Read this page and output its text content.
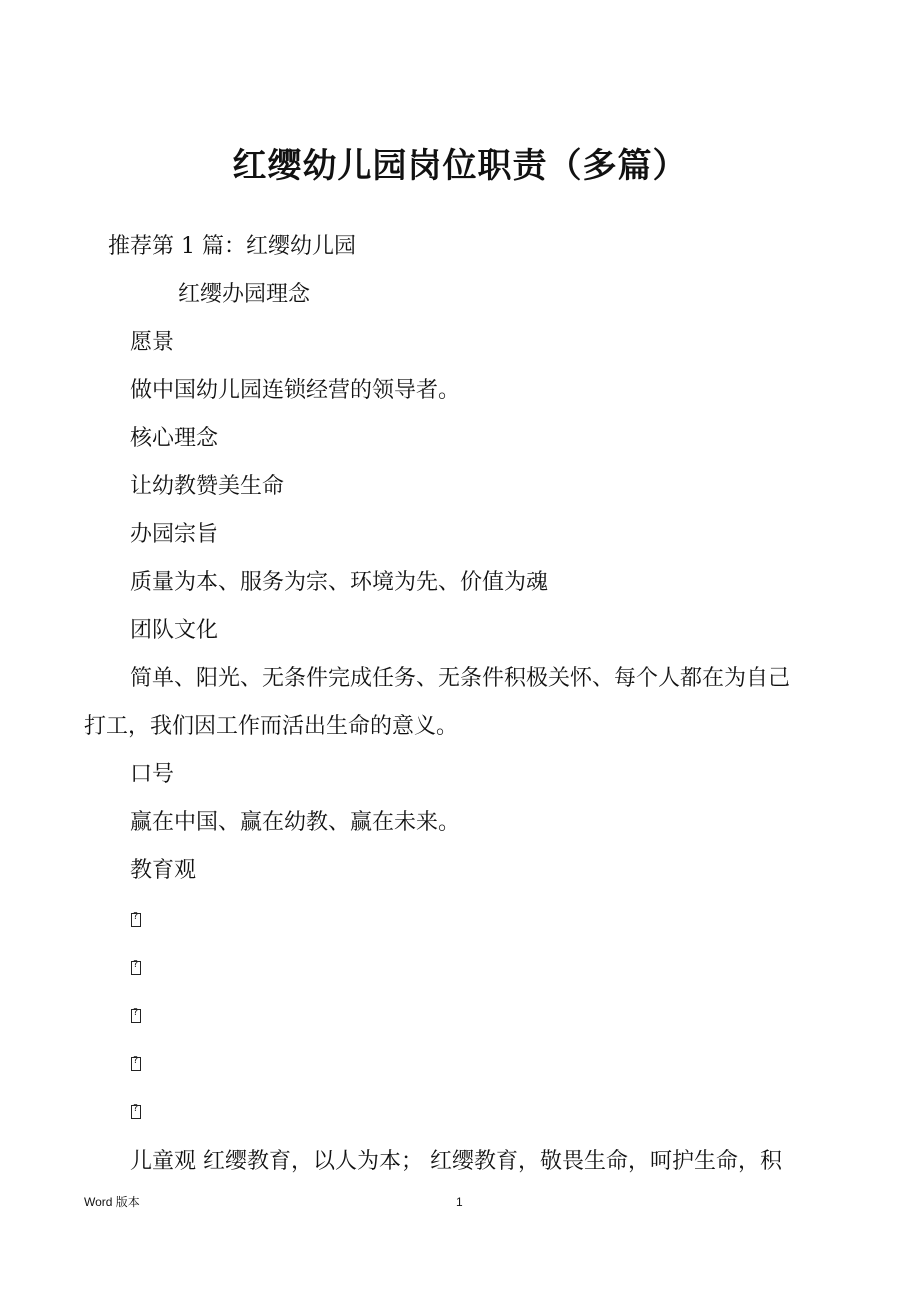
红缨幼儿园岗位职责（多篇）
推荐第 1 篇：红缨幼儿园
红缨办园理念
愿景
做中国幼儿园连锁经营的领导者。
核心理念
让幼教赞美生命
办园宗旨
质量为本、服务为宗、环境为先、价值为魂
团队文化
简单、阳光、无条件完成任务、无条件积极关怀、每个人都在为自己
打工，我们因工作而活出生命的意义。
口号
赢在中国、赢在幼教、赢在未来。
教育观
?
?
?
?
?
儿童观 红缨教育，以人为本； 红缨教育，敬畏生命，呵护生命，积
Word 版本	1
